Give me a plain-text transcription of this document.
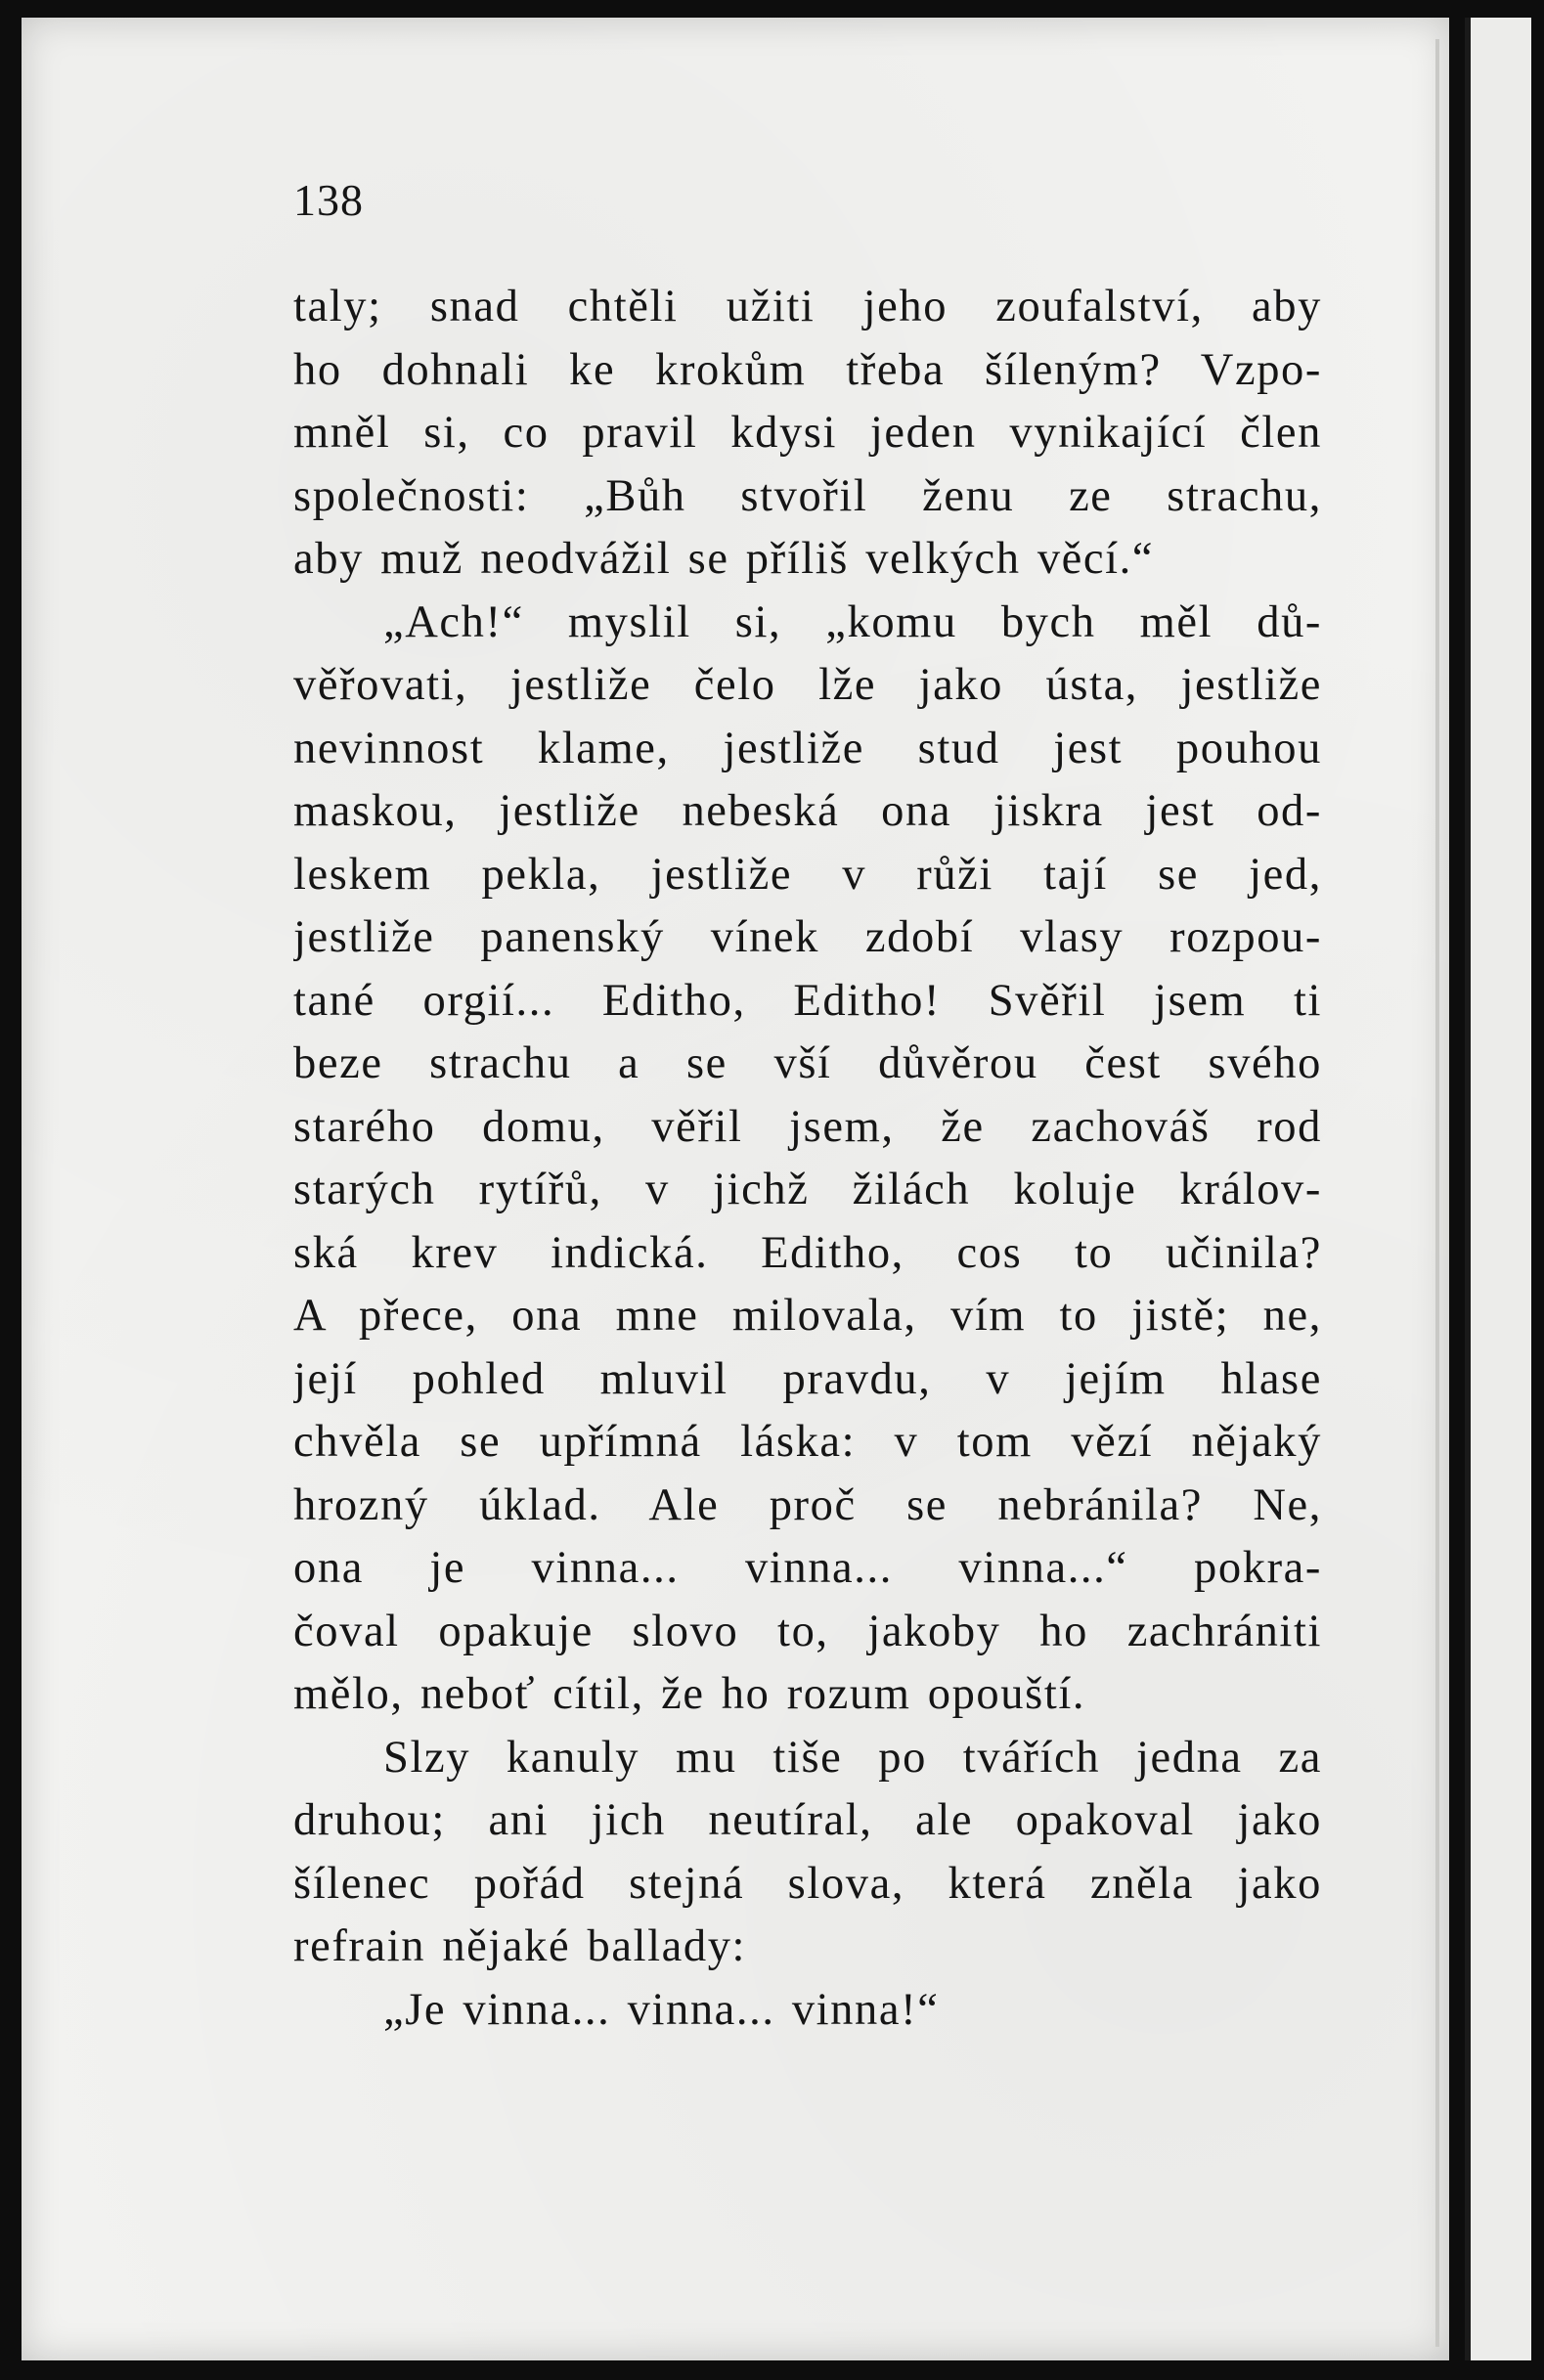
138
taly; snad chtěli užiti jeho zoufalství, aby
ho dohnali ke krokům třeba šíleným? Vzpo-
mněl si, co pravil kdysi jeden vynikající člen
společnosti: „Bůh stvořil ženu ze strachu,
aby muž neodvážil se příliš velkých věcí.“
„Ach!“ myslil si, „komu bych měl dů-
věřovati, jestliže čelo lže jako ústa, jestliže
nevinnost klame, jestliže stud jest pouhou
maskou, jestliže nebeská ona jiskra jest od-
leskem pekla, jestliže v růži tají se jed,
jestliže panenský vínek zdobí vlasy rozpou-
tané orgií... Editho, Editho! Svěřil jsem ti
beze strachu a se vší důvěrou čest svého
starého domu, věřil jsem, že zachováš rod
starých rytířů, v jichž žilách koluje králov-
ská krev indická. Editho, cos to učinila?
A přece, ona mne milovala, vím to jistě; ne,
její pohled mluvil pravdu, v jejím hlase
chvěla se upřímná láska: v tom vězí nějaký
hrozný úklad. Ale proč se nebránila? Ne,
ona je vinna... vinna... vinna...“ pokra-
čoval opakuje slovo to, jakoby ho zachrániti
mělo, neboť cítil, že ho rozum opouští.
Slzy kanuly mu tiše po tvářích jedna za
druhou; ani jich neutíral, ale opakoval jako
šílenec pořád stejná slova, která zněla jako
refrain nějaké ballady:
„Je vinna... vinna... vinna!“
